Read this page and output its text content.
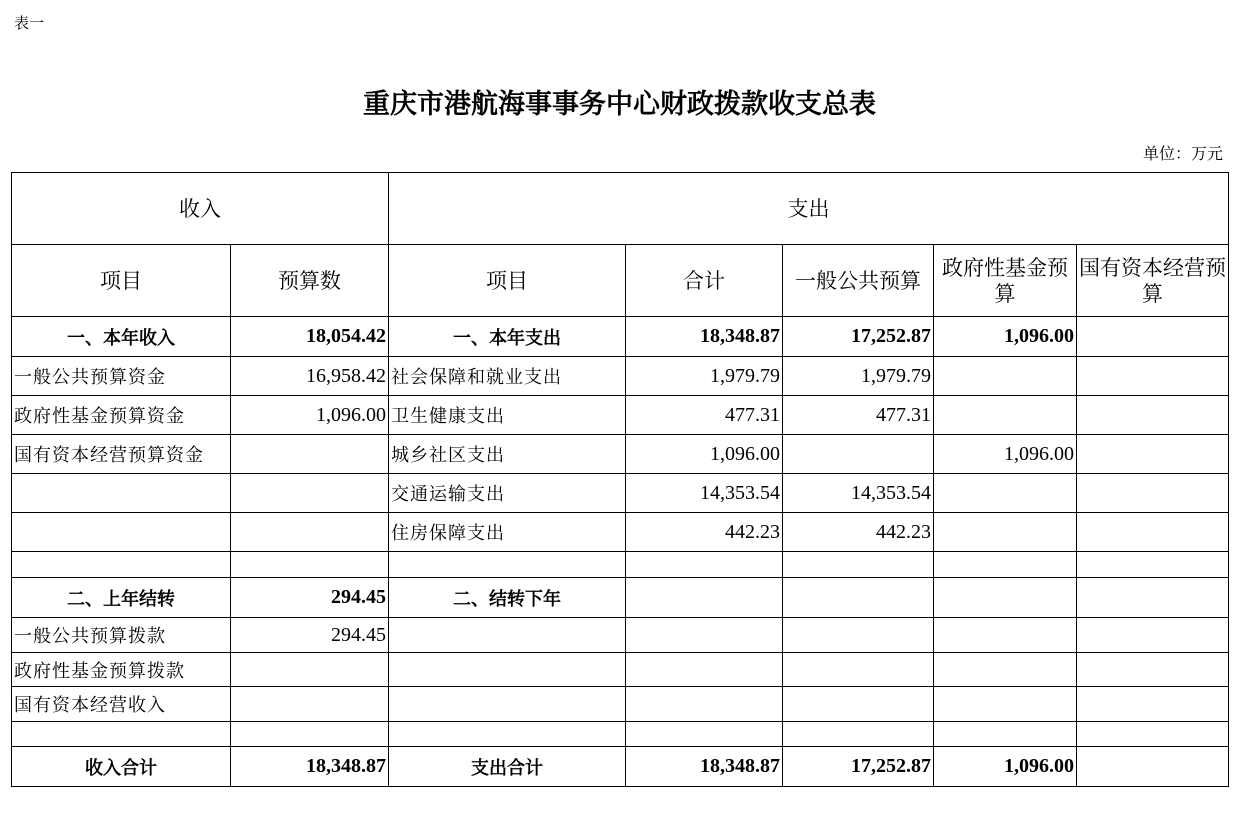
表一
重庆市港航海事事务中心财政拨款收支总表
单位：万元
收入		支出				
项目	预算数	项目	合计	一般公共预算	政府性基金预算	国有资本经营预算
一、本年收入	18,054.42	一、本年支出	18,348.87	17,252.87	1,096.00	
一般公共预算资金	16,958.42	社会保障和就业支出	1,979.79	1,979.79		
政府性基金预算资金	1,096.00	卫生健康支出	477.31	477.31		
国有资本经营预算资金		城乡社区支出	1,096.00		1,096.00	
		交通运输支出	14,353.54	14,353.54		
		住房保障支出	442.23	442.23		

二、上年结转	294.45	二、结转下年				
一般公共预算拨款	294.45					
政府性基金预算拨款						
国有资本经营收入						

收入合计	18,348.87	支出合计	18,348.87	17,252.87	1,096.00	
